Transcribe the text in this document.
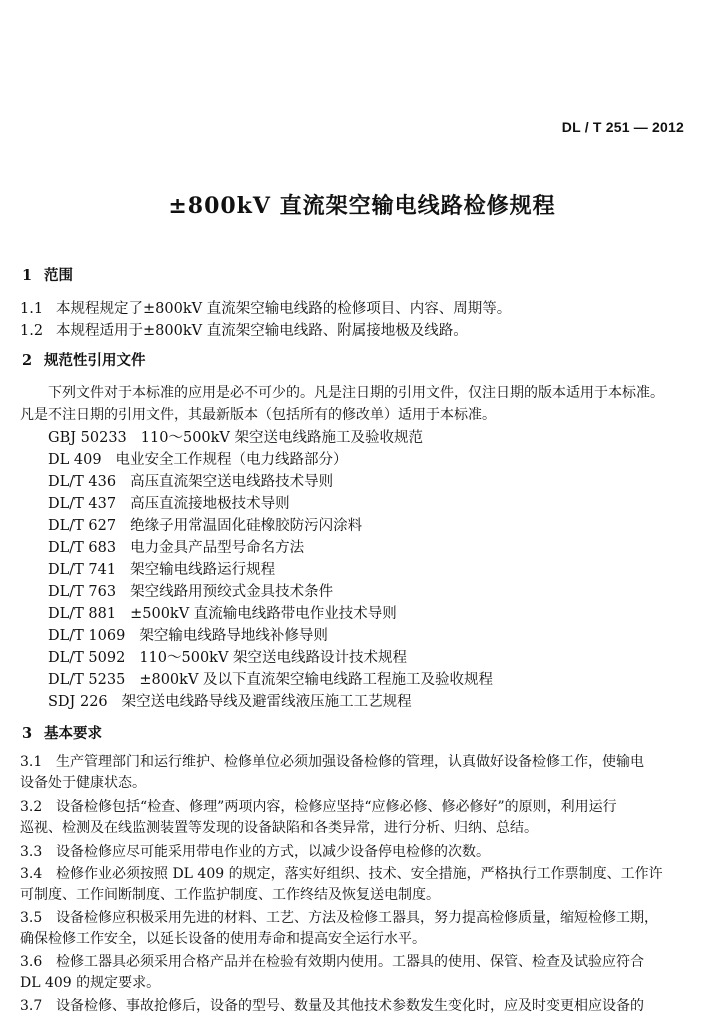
DL / T 251 — 2012
±800kV 直流架空输电线路检修规程
1 范围
1.1 本规程规定了±800kV 直流架空输电线路的检修项目、内容、周期等。
1.2 本规程适用于±800kV 直流架空输电线路、附属接地极及线路。
2 规范性引用文件
下列文件对于本标准的应用是必不可少的。凡是注日期的引用文件，仅注日期的版本适用于本标准。
凡是不注日期的引用文件，其最新版本（包括所有的修改单）适用于本标准。
GBJ 50233 110～500kV 架空送电线路施工及验收规范
DL 409 电业安全工作规程（电力线路部分）
DL/T 436 高压直流架空送电线路技术导则
DL/T 437 高压直流接地极技术导则
DL/T 627 绝缘子用常温固化硅橡胶防污闪涂料
DL/T 683 电力金具产品型号命名方法
DL/T 741 架空输电线路运行规程
DL/T 763 架空线路用预绞式金具技术条件
DL/T 881 ±500kV 直流输电线路带电作业技术导则
DL/T 1069 架空输电线路导地线补修导则
DL/T 5092 110～500kV 架空送电线路设计技术规程
DL/T 5235 ±800kV 及以下直流架空输电线路工程施工及验收规程
SDJ 226 架空送电线路导线及避雷线液压施工工艺规程
3 基本要求
3.1 生产管理部门和运行维护、检修单位必须加强设备检修的管理，认真做好设备检修工作，使输电
设备处于健康状态。
3.2 设备检修包括“检查、修理”两项内容，检修应坚持“应修必修、修必修好”的原则，利用运行
巡视、检测及在线监测装置等发现的设备缺陷和各类异常，进行分析、归纳、总结。
3.3 设备检修应尽可能采用带电作业的方式，以减少设备停电检修的次数。
3.4 检修作业必须按照 DL 409 的规定，落实好组织、技术、安全措施，严格执行工作票制度、工作许
可制度、工作间断制度、工作监护制度、工作终结及恢复送电制度。
3.5 设备检修应积极采用先进的材料、工艺、方法及检修工器具，努力提高检修质量，缩短检修工期，
确保检修工作安全，以延长设备的使用寿命和提高安全运行水平。
3.6 检修工器具必须采用合格产品并在检验有效期内使用。工器具的使用、保管、检查及试验应符合
DL 409 的规定要求。
3.7 设备检修、事故抢修后，设备的型号、数量及其他技术参数发生变化时，应及时变更相应设备的
